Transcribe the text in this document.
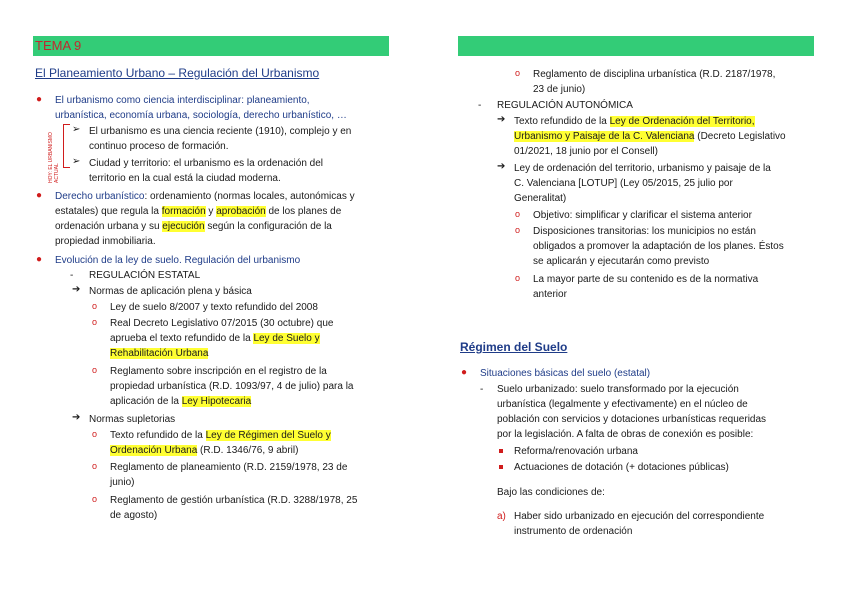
TEMA 9
El Planeamiento Urbano – Regulación del Urbanismo
● El urbanismo como ciencia interdisciplinar: planeamiento,
urbanística, economía urbana, sociología, derecho urbanístico, …
HOY: EL URBANISMO ACTUAL
➢ El urbanismo es una ciencia reciente (1910), complejo y en
continuo proceso de formación.
➢ Ciudad y territorio: el urbanismo es la ordenación del
territorio en la cual está la ciudad moderna.
● Derecho urbanístico: ordenamiento (normas locales, autonómicas y
estatales) que regula la formación y aprobación de los planes de
ordenación urbana y su ejecución según la configuración de la
propiedad inmobiliaria.
● Evolución de la ley de suelo. Regulación del urbanismo
- REGULACIÓN ESTATAL
➔ Normas de aplicación plena y básica
o Ley de suelo 8/2007 y texto refundido del 2008
o Real Decreto Legislativo 07/2015 (30 octubre) que
aprueba el texto refundido de la Ley de Suelo y
Rehabilitación Urbana
o Reglamento sobre inscripción en el registro de la
propiedad urbanística (R.D. 1093/97, 4 de julio) para la
aplicación de la Ley Hipotecaria
➔ Normas supletorias
o Texto refundido de la Ley de Régimen del Suelo y
Ordenación Urbana (R.D. 1346/76, 9 abril)
o Reglamento de planeamiento (R.D. 2159/1978, 23 de
junio)
o Reglamento de gestión urbanística (R.D. 3288/1978, 25
de agosto)
o Reglamento de disciplina urbanística (R.D. 2187/1978,
23 de junio)
- REGULACIÓN AUTONÓMICA
➔ Texto refundido de la Ley de Ordenación del Territorio,
Urbanismo y Paisaje de la C. Valenciana (Decreto Legislativo
01/2021, 18 junio por el Consell)
➔ Ley de ordenación del territorio, urbanismo y paisaje de la
C. Valenciana [LOTUP] (Ley 05/2015, 25 julio por
Generalitat)
o Objetivo: simplificar y clarificar el sistema anterior
o Disposiciones transitorias: los municipios no están
obligados a promover la adaptación de los planes. Éstos
se aplicarán y ejecutarán como previsto
o La mayor parte de su contenido es de la normativa
anterior
Régimen del Suelo
● Situaciones básicas del suelo (estatal)
- Suelo urbanizado: suelo transformado por la ejecución
urbanística (legalmente y efectivamente) en el núcleo de
población con servicios y dotaciones urbanísticas requeridas
por la legislación. A falta de obras de conexión es posible:
Reforma/renovación urbana
Actuaciones de dotación (+ dotaciones públicas)
Bajo las condiciones de:
a) Haber sido urbanizado en ejecución del correspondiente
instrumento de ordenación
